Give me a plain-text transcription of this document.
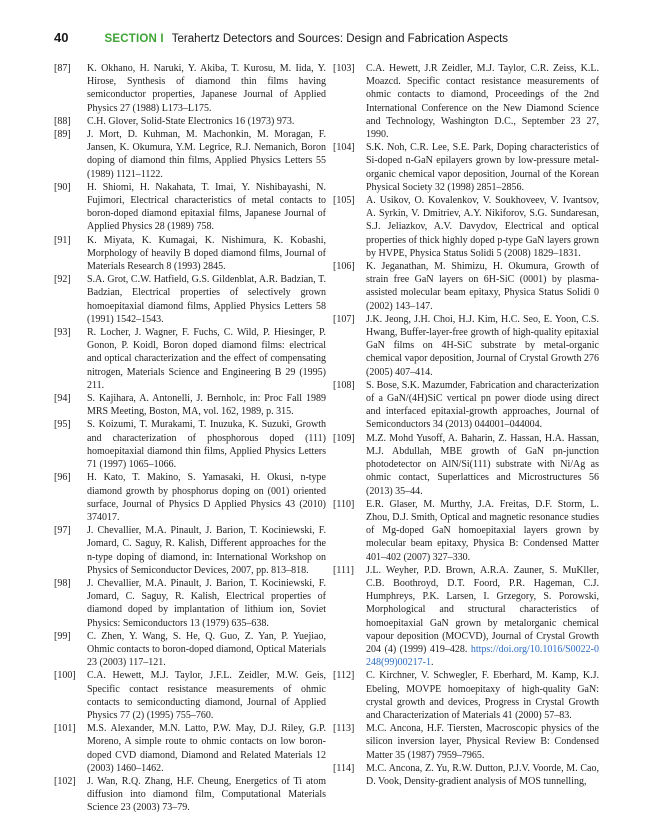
40	SECTION I Terahertz Detectors and Sources: Design and Fabrication Aspects
[87]	K. Okhano, H. Naruki, Y. Akiba, T. Kurosu, M. Iida, Y. Hirose, Synthesis of diamond thin films having semiconductor properties, Japanese Journal of Applied Physics 27 (1988) L173–L175.
[88]	C.H. Glover, Solid-State Electronics 16 (1973) 973.
[89]	J. Mort, D. Kuhman, M. Machonkin, M. Moragan, F. Jansen, K. Okumura, Y.M. Legrice, R.J. Nemanich, Boron doping of diamond thin films, Applied Physics Letters 55 (1989) 1121–1122.
[90]	H. Shiomi, H. Nakahata, T. Imai, Y. Nishibayashi, N. Fujimori, Electrical characteristics of metal contacts to boron-doped diamond epitaxial films, Japanese Journal of Applied Physics 28 (1989) 758.
[91]	K. Miyata, K. Kumagai, K. Nishimura, K. Kobashi, Morphology of heavily B doped diamond films, Journal of Materials Research 8 (1993) 2845.
[92]	S.A. Grot, C.W. Hatfield, G.S. Gildenblat, A.R. Badzian, T. Badzian, Electrical properties of selectively grown homoepitaxial diamond films, Applied Physics Letters 58 (1991) 1542–1543.
[93]	R. Locher, J. Wagner, F. Fuchs, C. Wild, P. Hiesinger, P. Gonon, P. Koidl, Boron doped diamond films: electrical and optical characterization and the effect of compensating nitrogen, Materials Science and Engineering B 29 (1995) 211.
[94]	S. Kajihara, A. Antonelli, J. Bernholc, in: Proc Fall 1989 MRS Meeting, Boston, MA, vol. 162, 1989, p. 315.
[95]	S. Koizumi, T. Murakami, T. Inuzuka, K. Suzuki, Growth and characterization of phosphorous doped (111) homoepitaxial diamond thin films, Applied Physics Letters 71 (1997) 1065–1066.
[96]	H. Kato, T. Makino, S. Yamasaki, H. Okusi, n-type diamond growth by phosphorus doping on (001) oriented surface, Journal of Physics D Applied Physics 43 (2010) 374017.
[97]	J. Chevallier, M.A. Pinault, J. Barion, T. Kociniewski, F. Jomard, C. Saguy, R. Kalish, Different approaches for the n-type doping of diamond, in: International Workshop on Physics of Semiconductor Devices, 2007, pp. 813–818.
[98]	J. Chevallier, M.A. Pinault, J. Barion, T. Kociniewski, F. Jomard, C. Saguy, R. Kalish, Electrical properties of diamond doped by implantation of lithium ion, Soviet Physics: Semiconductors 13 (1979) 635–638.
[99]	C. Zhen, Y. Wang, S. He, Q. Guo, Z. Yan, P. Yuejiao, Ohmic contacts to boron-doped diamond, Optical Materials 23 (2003) 117–121.
[100]	C.A. Hewett, M.J. Taylor, J.F.L. Zeidler, M.W. Geis, Specific contact resistance measurements of ohmic contacts to semiconducting diamond, Journal of Applied Physics 77 (2) (1995) 755–760.
[101]	M.S. Alexander, M.N. Latto, P.W. May, D.J. Riley, G.P. Moreno, A simple route to ohmic contacts on low boron-doped CVD diamond, Diamond and Related Materials 12 (2003) 1460–1462.
[102]	J. Wan, R.Q. Zhang, H.F. Cheung, Energetics of Ti atom diffusion into diamond film, Computational Materials Science 23 (2003) 73–79.
[103]	C.A. Hewett, J.R Zeidler, M.J. Taylor, C.R. Zeiss, K.L. Moazcd. Specific contact resistance measurements of ohmic contacts to diamond, Proceedings of the 2nd International Conference on the New Diamond Science and Technology, Washington D.C., September 23 27, 1990.
[104]	S.K. Noh, C.R. Lee, S.E. Park, Doping characteristics of Si-doped n-GaN epilayers grown by low-pressure metal-organic chemical vapor deposition, Journal of the Korean Physical Society 32 (1998) 2851–2856.
[105]	A. Usikov, O. Kovalenkov, V. Soukhoveev, V. Ivantsov, A. Syrkin, V. Dmitriev, A.Y. Nikiforov, S.G. Sundaresan, S.J. Jeliazkov, A.V. Davydov, Electrical and optical properties of thick highly doped p-type GaN layers grown by HVPE, Physica Status Solidi 5 (2008) 1829–1831.
[106]	K. Jeganathan, M. Shimizu, H. Okumura, Growth of strain free GaN layers on 6H-SiC (0001) by plasma-assisted molecular beam epitaxy, Physica Status Solidi 0 (2002) 143–147.
[107]	J.K. Jeong, J.H. Choi, H.J. Kim, H.C. Seo, E. Yoon, C.S. Hwang, Buffer-layer-free growth of high-quality epitaxial GaN films on 4H-SiC substrate by metal-organic chemical vapor deposition, Journal of Crystal Growth 276 (2005) 407–414.
[108]	S. Bose, S.K. Mazumder, Fabrication and characterization of a GaN/(4H)SiC vertical pn power diode using direct and interfaced epitaxial-growth approaches, Journal of Semiconductors 34 (2013) 044001–044004.
[109]	M.Z. Mohd Yusoff, A. Baharin, Z. Hassan, H.A. Hassan, M.J. Abdullah, MBE growth of GaN pn-junction photodetector on AlN/Si(111) substrate with Ni/Ag as ohmic contact, Superlattices and Microstructures 56 (2013) 35–44.
[110]	E.R. Glaser, M. Murthy, J.A. Freitas, D.F. Storm, L. Zhou, D.J. Smith, Optical and magnetic resonance studies of Mg-doped GaN homoepitaxial layers grown by molecular beam epitaxy, Physica B: Condensed Matter 401–402 (2007) 327–330.
[111]	J.L. Weyher, P.D. Brown, A.R.A. Zauner, S. MuKller, C.B. Boothroyd, D.T. Foord, P.R. Hageman, C.J. Humphreys, P.K. Larsen, I. Grzegory, S. Porowski, Morphological and structural characteristics of homoepitaxial GaN grown by metalorganic chemical vapour deposition (MOCVD), Journal of Crystal Growth 204 (4) (1999) 419–428. https://doi.org/10.1016/S0022-0248(99)00217-1.
[112]	C. Kirchner, V. Schwegler, F. Eberhard, M. Kamp, K.J. Ebeling, MOVPE homoepitaxy of high-quality GaN: crystal growth and devices, Progress in Crystal Growth and Characterization of Materials 41 (2000) 57–83.
[113]	M.C. Ancona, H.F. Tiersten, Macroscopic physics of the silicon inversion layer, Physical Review B: Condensed Matter 35 (1987) 7959–7965.
[114]	M.C. Ancona, Z. Yu, R.W. Dutton, P.J.V. Voorde, M. Cao, D. Vook, Density-gradient analysis of MOS tunnelling,
